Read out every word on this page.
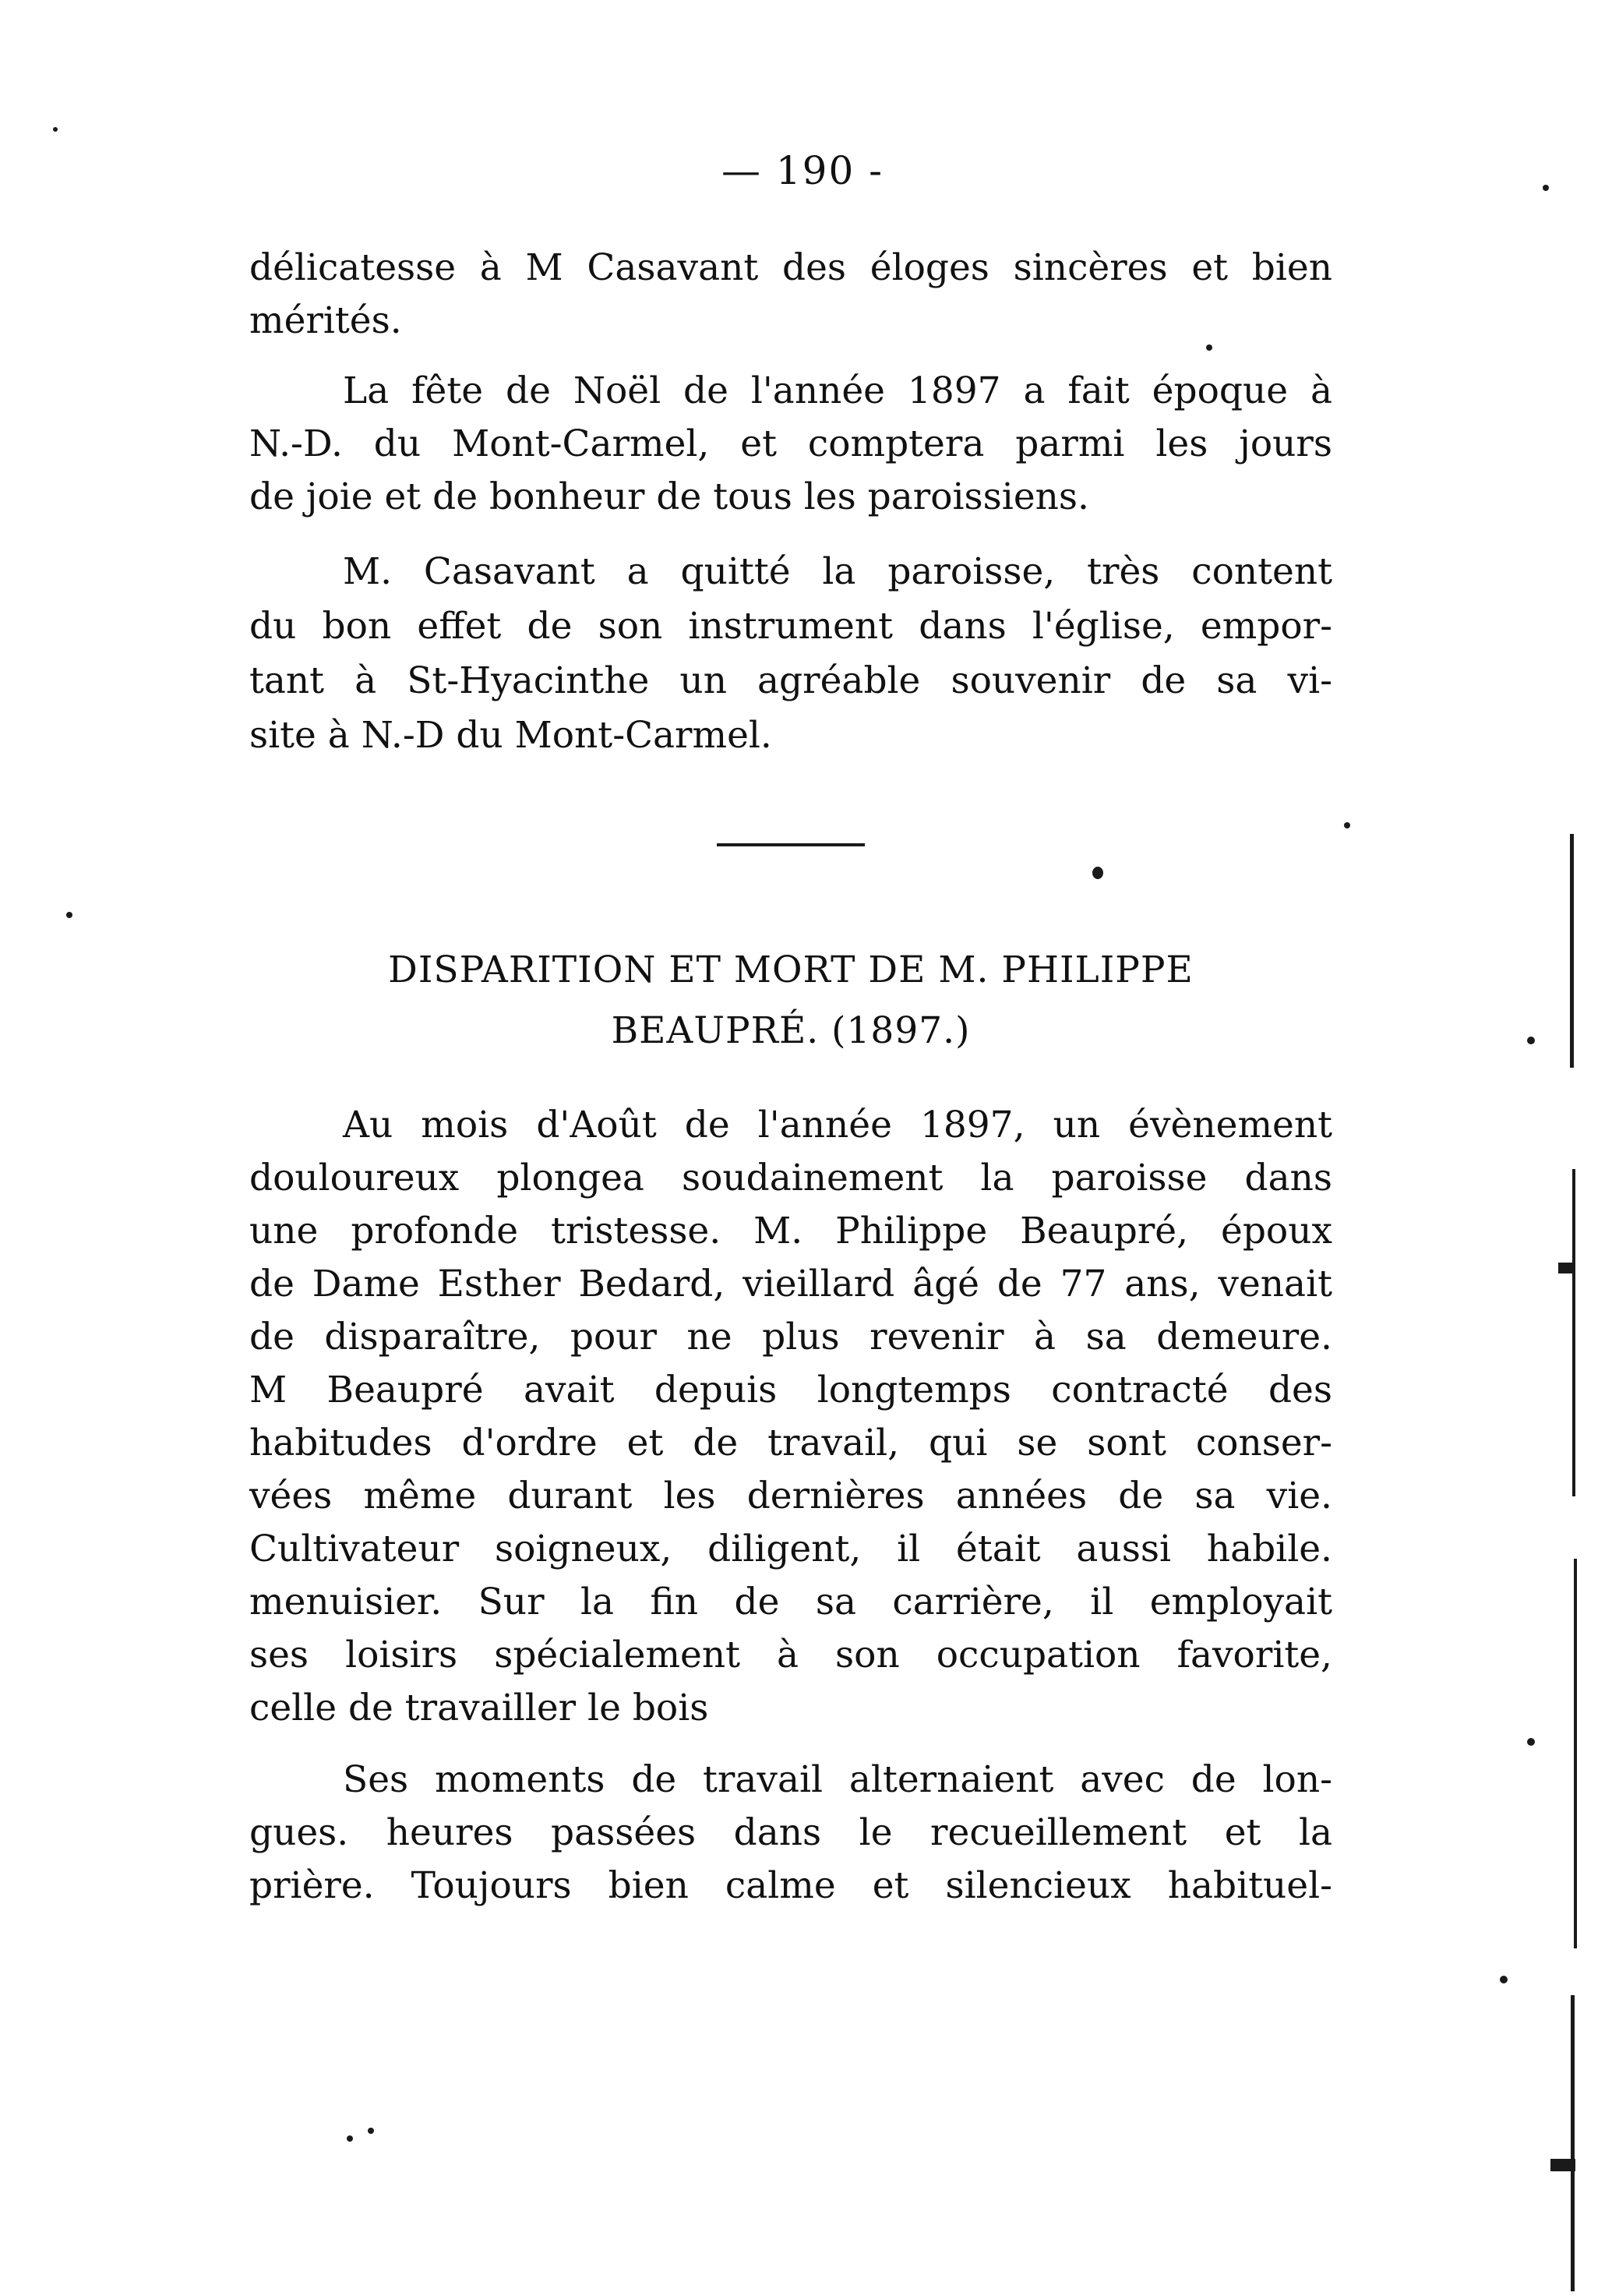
— 190 -
délicatesse à M Casavant des éloges sincères et bien
mérités.
La fête de Noël de l'année 1897 a fait époque à
N.-D. du Mont-Carmel, et comptera parmi les jours
de joie et de bonheur de tous les paroissiens.
M. Casavant a quitté la paroisse, très content
du bon effet de son instrument dans l'église, empor-
tant à St-Hyacinthe un agréable souvenir de sa vi-
site à N.-D du Mont-Carmel.
DISPARITION ET MORT DE M. PHILIPPE
BEAUPRÉ. (1897.)
Au mois d'Août de l'année 1897, un évènement
douloureux plongea soudainement la paroisse dans
une profonde tristesse. M. Philippe Beaupré, époux
de Dame Esther Bedard, vieillard âgé de 77 ans, venait
de disparaître, pour ne plus revenir à sa demeure.
M Beaupré avait depuis longtemps contracté des
habitudes d'ordre et de travail, qui se sont conser-
vées même durant les dernières années de sa vie.
Cultivateur soigneux, diligent, il était aussi habile.
menuisier. Sur la fin de sa carrière, il employait
ses loisirs spécialement à son occupation favorite,
celle de travailler le bois
Ses moments de travail alternaient avec de lon-
gues. heures passées dans le recueillement et la
prière. Toujours bien calme et silencieux habituel-
